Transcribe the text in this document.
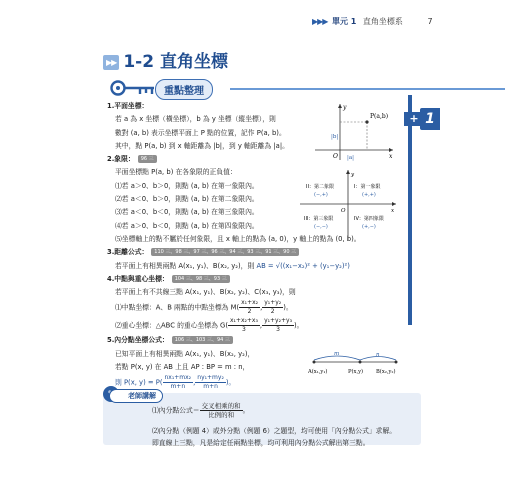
▶▶▶ 單元 1 直角坐標系	7
▶▶ 1-2 直角坐標
重點整理
+ 1
1.平面坐標：
若 a 為 x 坐標（橫坐標），b 為 y 坐標（縱坐標），則
數對 (a, b) 表示坐標平面上 P 點的位置，記作 P(a, b)。
其中，點 P(a, b) 到 x 軸距離為 |b|，到 y 軸距離為 |a|。
2.象限： 96 三
平面坐標點 P(a, b) 在各象限的正負值：
⑴若 a＞0、b＞0，則點 (a, b) 在第一象限內。
⑵若 a＜0、b＞0，則點 (a, b) 在第二象限內。
⑶若 a＜0、b＜0，則點 (a, b) 在第三象限內。
⑷若 a＞0、b＜0，則點 (a, b) 在第四象限內。
⑸坐標軸上的點不屬於任何象限，且 x 軸上的點為 (a, 0)，y 軸上的點為 (0, b)。
3.距離公式： 110 三、98 三、97 三、96 三、94 三、93 三、91 三、90 三
若平面上有相異兩點 A(x₁, y₁)、B(x₂, y₂)，則 AB = √((x₁−x₂)² + (y₁−y₂)²)
4.中點與重心坐標： 104 三、98 三、93 三
若平面上有不共線三點 A(x₁, y₁)、B(x₂, y₂)、C(x₃, y₃)，則
⑴中點坐標：A、B 兩點的中點坐標為 $M( \frac{\text{x₁+x₂}}{2}$ , $\frac{\text{y₁+y₂}}{2}$ )。
⑵重心坐標：△ABC 的重心坐標為 $G( \frac{\text{x₁+x₂+x₃}}{3}$ , $\frac{\text{y₁+y₂+y₃}}{3}$ )。
5.內分點坐標公式： 106 三、103 三、94 三
已知平面上有相異兩點 A(x₁, y₁)、B(x₂, y₂)，
若點 P(x, y) 在 AB 上且 AP : BP = m : n，
則 P(x, $y) = P( \frac{\text{nx₁+mx₂}}{m+n}$ , $\frac{\text{ny₁+my₂}}{m+n}$ )。
P(a,b)
x
y
O |a|
|b|
y
x
O
II：第二象限
(−,+)
I：第一象限
(+,+)
III：第三象限
(−,−)
IV：第四象限
(+,−)
m	n
A(x₁,y₁)	P(x,y) B(x₂,y₂)
老師講解
⑴內分點公式＝ $\frac{\text{交叉相乘的和}}{\text{比例的和}}$ 。
⑵內分點（例題 4）或外分點（例題 6）之題型，均可使用「內分點公式」求解。
即直線上三點，凡是給定任兩點坐標，均可利用內分點公式解出第三點。
